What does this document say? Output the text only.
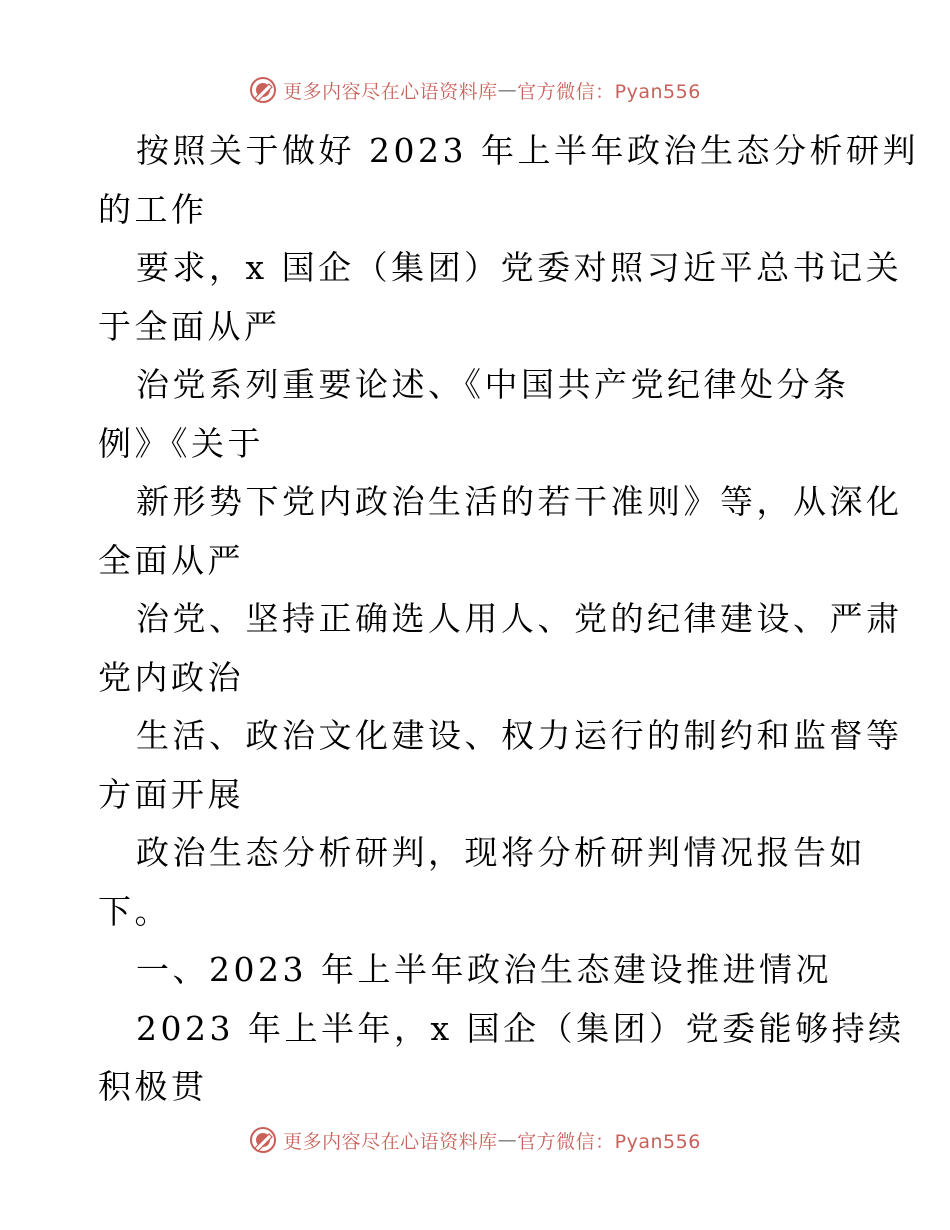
更多内容尽在心语资料库 — 官方微信：Pyan556
按照关于做好 2023 年上半年政治生态分析研判
的工作
要求，x 国企（集团）党委对照习近平总书记关
于全面从严
治党系列重要论述、《中国共产党纪律处分条
例》《关于
新形势下党内政治生活的若干准则》等，从深化
全面从严
治党、坚持正确选人用人、党的纪律建设、严肃
党内政治
生活、政治文化建设、权力运行的制约和监督等
方面开展
政治生态分析研判，现将分析研判情况报告如
下。
一、2023 年上半年政治生态建设推进情况
2023 年上半年，x 国企（集团）党委能够持续
积极贯
更多内容尽在心语资料库 — 官方微信：Pyan556
